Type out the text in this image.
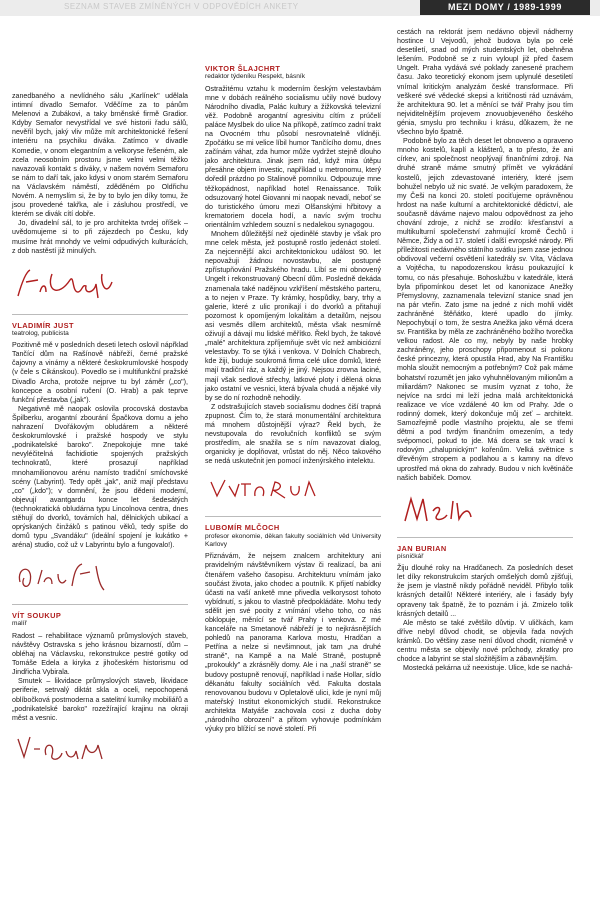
SEZNAM STAVEB ZMÍNĚNÝCH V ODPOVĚDÍCH ANKETY	MEZI DOMY / 1989-1999

zanedbaného a nevlídného sálu „Karlínek" udělala intimní divadlo Semafor. Vděčíme za to pánům Melenovi a Zubákovi, a taky brněnské firmě Gradior. Kdyby Semafor nevystřídal ve své historii řadu sálů, nevěřil bych, jaký vliv může mít architektonické řešení interiéru na psychiku diváka. Zatímco v divadle Komedie, v onom elegantním a velkoryse řešeném, ale zcela neosobním prostoru jsme velmi velmi těžko navazovali kontakt s diváky, v našem novém Semaforu se nám to daří tak, jako kdysi v onom starém Semaforu na Václavském náměstí, zděděném po Oldřichu Novém. A nemyslím si, že by to bylo jen díky tomu, že jsou provedené takřka, ale i zásluhou prostředí, ve kterém se divák cítí dobře.

Jo, divadelní sál, to je pro architekta tvrdej oříšek – uvědomujeme si to při zájezdech po Česku, kdy musíme hrát mnohdy ve velmi odpudivých kulturácích, z dob nastěstí již minulých.

VLADIMÍR JUST
teatrolog, publicista

Pozitivně mě v posledních deseti letech oslovil nápřklad Tančící dům na Rašínově nábřeží, černé pražské čajovny a vinárny a některé českokrumlovské hospody (v čele s Cikánskou). Povedlo se i multifunkční pražské Divadlo Archa, protože nejprve tu byl záměr („co"), koncepce a osobní ručení (O. Hrab) a pak teprve funkční přestavba („jak").

Negativně mě naopak oslovila procovská dostavba Špilberku, arogantní zbourání Špačkova domu a jeho nahrazení Dvořákovým obludárem a některé českokrumlovské i pražské hospody ve stylu „podnikatelské baroko". Znepokojuje mne také nevyléčitelná fachidiotie spojených pražských technokratů, které prosazují například mnohamilionovou arénu namísto tradiční smíchovské scény (Labyrint). Tedy opět „jak", aniž mají představu „co" („kdo"); v domnění, že jsou dědeni modemí, objevují avantgardu konce let šedesátých (technokratická obludárna typu Lincolnova centra, dnes stěhují do dvorků, továrních hal, dělnických ubikací a oprýskaných činžáků s patinou věků, tedy spíše do domů typu „Svandáku" (ideální spojení je kukátko + aréna) studio, což už v Labyrintu bylo a fungovalo!).

VÍT SOUKUP
malíř

Radost – rehabilitace významů průmyslových staveb, návštěvy Ostravska s jeho krásnou bizarností, dům – obléhaj na Václavsku, rekonstrukce pestré gotiky od Tomáše Edela a kiryka z jihočeském historismu od Jindřicha Vybirala.

Smutek – likvidace průmyslových staveb, likvidace periferie, setrvalý diktát skla a oceli, nepochopená oblíbočková postmoderna a satelitní kurníky mobiliářů a „podnikatelské baroko" rozežírající krajinu na okraji měst a vesnic.

VIKTOR ŠLAJCHRT
redaktor týdeníku Respekt, básník

Ostražitému vztahu k moderním českým velestavbám mne v dobách reálného socialismu učily nové budovy Národního divadla, Palác kultury a žižkovská televizní věž. Podobně arogantní agresivitu cítím z prúčelí paláce Myslbek do ulice Na příkopě, zatímco zadní trakt na Ovocném trhu působí nesrovnatelně vlídněji. Zpočátku se mi velice líbil humor Tančícího domu, dnes začínám váhat, zda humor může vydržet stejně dlouho jako architektura. Jinak jsem rád, když mira útěpu přesáhne objem investic, například u metronomu, který doředil prázdno po Stalinově pomníku. Odpouzuje mne těžkopádnost, například hotel Renaissance. Tolik odsuzovaný hotel Giovanni mi naopak nevadí, neboť se do turistického úmoru mezi Olšanskými hřbitovy a krematoriem docela hodí, a navíc svým trochu orientálním vzhledem souzní s nedalekou synagogou.

Mnohem důležitější než ojedinělé stavby je však pro mne celek města, jež postupně rostlo jedenáct století. Za nejcennější akci architektonickou událost 90. let nepovažuji žádnou novostavbu, ale postupné zpřístupňování Pražského hradu. Líbí se mi obnovený Ungelt i rekonstruovaný Obecní dům. Posledně dekáda znamenala také nadějnou vzkříšení městského parteru, a to nejen v Praze. Ty krámky, hospůdky, bary, trhy a galerie, které z ulic pronikají i do dvorků a přitahují pozornost k opomíjeným lokalitám a detailům, nejsou asi vesměs dílem architektů, města však nesmírně oživují a dávají mu lidské měřítko. Řekl bych, že takové „malé" architektura zpříjemňuje svět víc než ambiciózní velestavby. To se týká i venkova. V Dolních Chabrech, kde žiji, buduje soukromá firma celé ulice domků, které mají tradiční ráz, a každý je jiný. Nejsou zrovna laciné, mají však sedlové střechy, latkové ploty i dělená okna jako ostatní ve vesnici, která bývala chudá a nějaké vily by se do ní rozhodně nehodily.

Z odstrašujících staveb socialismu dodnes čiší trapná zpupnost. Čím to, že stará monumentální architektura má mnohem důstojnější výraz? Řekl bych, že nevstupovala do revolučních konfliktů se svým prostředím, ale snažila se s ním navazovat dialog, organicky je doplňovat, vrůstat do něj. Něco takového se nedá uskutečnit jen pomocí inženýrského intelektu.

LUBOMÍR MLČOCH
profesor ekonomie, děkan fakulty sociálních věd University Karlovy

Přiznávám, že nejsem znalcem architektury ani pravidelným návštěvníkem výstav či realizací, ba ani čtenářem vašeho časopisu. Architekturu vnímám jako součást života, jako chodec a poutník. K přijetí nabídky účasti na vaší anketě mne přivedla velkorysost tohoto vybídnutí, s jakou to vlastně předpokládáte. Mohu tedy sdělit jen své pocity z vnímání všeho toho, co nás obklopuje, měnící se tvář Prahy i venkova. Z mé kanceláře na Smetanově nábřeží je to nejkrásnějších pohledů na panorama Karlova mostu, Hradčan a Petřína a nelze si nevšimnout, jak tam „na druhé straně", na Kampě a na Malé Straně, postupně „prokoukly" a zkrásněly domy. Ale i na „naší straně" se budovy postupně renovují, například i naše Hollar, sídlo děkanátu fakulty sociálních věd. Fakulta dostala renovovanou budovu v Opletalově ulici, kde je nyní můj mateřský Institut ekonomických studií. Rekonstrukce architekta Matyáše zachovala cosi z ducha doby „národního obrození" a přitom vyhovuje podmínkám výuky pro blížící se nové století. Při

cestách na rektorát jsem nedávno objevil nádherny hostince U Vejvodů, jehož budova byla po celé desetiletí, snad od mých studentských let, obehněna lešením. Podobně se z ruin vyloupl již před časem Ungelt. Praha vydává své poklady zanesené prachem času. Jako teoretický ekonom jsem uplynulé desetiletí vnímal kritickým analyzám české transformace. Při veškeré své vědecké skepsi a kritičnosti rád uznávám, že architektura 90. let a měnící se tvář Prahy jsou tím nejviditelnějším projevem znovuobjeveného českého génia, smyslu pro techniku i krásu, důkazem, že ne všechno bylo špatně.

Podobně bylo za těch deset let obnoveno a opraveno mnoho kostelů, kaplí a klášterů, a to přesto, že ani církev, ani společnost neoplývají finančními zdroji. Na druhé straně máme smutný přímět ve vykrádání kostelů, jejich zdevastované interiéry, které jsem bohužel nebylo už nic svaté. Je velkým paradoxem, že my Češi na konci 20. století pociťujeme oprávněnou hrdost na naše kulturní a architektonické dědictví, ale současně dáváme najevo malou odpovědnost za jeho chování zdroje, z nichž se zrodilo: křesťanství a multikulturní společenství zahrnující kromě Čechů i Němce, Židy a od 17. století i další evropské národy. Při příležitosti nedávného státního svátku jsem zase jednou obdivoval večerní osvětlení katedrály sv. Víta, Václava a Vojtěcha, tu napodozenskou krásu poukazující k tomu, co nás přesahuje. Bohoslužbu v katedrále, která byla připomínkou deset let od kanonizace Anežky Přemyslovny, zaznamenala televizní stanice snad jen na pár vteřin. Zato jsme na jedné z nich mohli vidět zachráněné štěňátko, které upadlo do jímky. Nepochybují o tom, že sestra Anežka jako věrná dcera sv. Františka by měla ze zachráněného božího tvorečka velkou radost. Ale co my, nebyly by naše hrobky zachráněny, jeho proschopy připomenout si pokoru české princezny, která opustila Hrad, aby Na Františku mohla sloužit nemocným a potřebným? Což pak máme bohatství rozumět jen jako vyhuhnělovaným milionům a miliardám? Nakonec se musím vyznat z toho, že nejvíce na srdci mi leží jedna malá architektonická realizace ve více vzdálené 40 km od Prahy. Jde o rodinný domek, který dokončuje můj zeť – architekt. Samozřejmě podle vlastního projektu, ale se třemi dětmi a pod tvrdým finančním omezením, a tedy svépomocí, pokud to jde. Má dcera se tak vrací k rodovým „chalupnickým" kořenům. Velká světnice s dřevěným stropem a podlahou a s kamny na dřevo uprostřed má okna do zahrady. Budou v nich květináče našich babiček. Domov.

JAN BURIAN
písničkář

Žiju dlouhé roky na Hradčanech. Za posledních deset let díky rekonstrukcím starých omšelých domů zjišťuji, že jsem je vlastně nikdy pořádně neviděl. Přibylo tolik krásných detailů! Některé interiéry, ale i fasády byly opraveny tak špatně, že to poznám i já. Zmizelo tolik krásných detailů ...

Ale město se také zvětšilo důvtip. V uličkách, kam dříve nebyl důvod chodit, se objevila řada nových krámků. Do většiny zase není důvod chodit, nicméně v centru města se objevily nové průchody, zkratky pro chodce a labyrint se stal složitějším a zábavnějším.

Mostecká pekárna už neexistuje. Ulice, kde se nachá-
